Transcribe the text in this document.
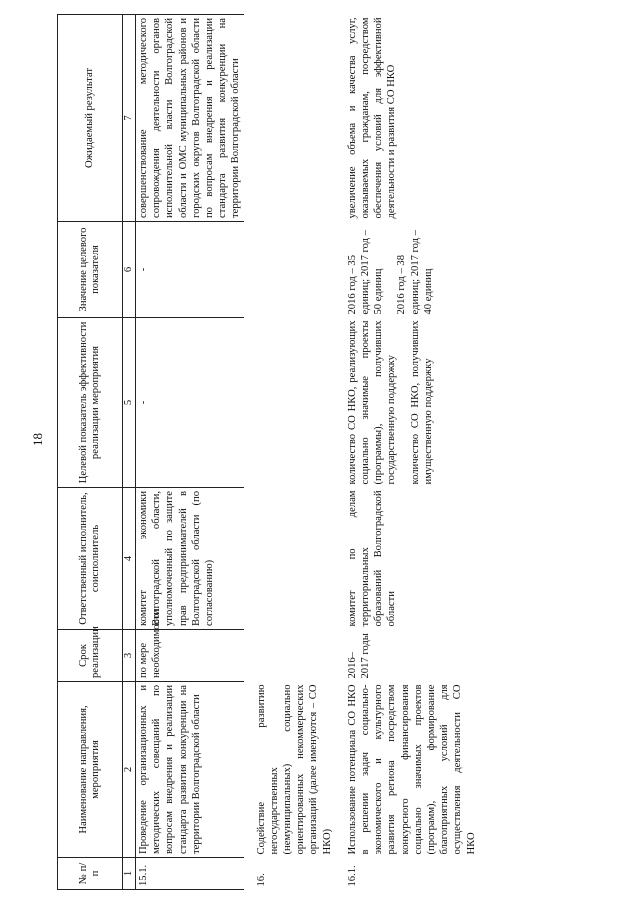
18
№ п/п	Наименование направления, мероприятия	Срок реализации	Ответственный исполнитель, соисполнитель	Целевой показатель эффективности реализации мероприятия	Значение целевого показателя	Ожидаемый результат
1	2	3	4	5	6	7
15.1.	Проведение организационных и методических совещаний по вопросам внедрения и реализации стандарта развития конкуренции на территории Волгоградской области	по мере необходимости	комитет экономики Волгоградской области, уполномоченный по защите прав предпринимателей в Волгоградской области (по согласованию)	-	-	совершенствование методического сопровождения деятельности органов исполнительной власти Волгоградской области и ОМС муниципальных районов и городских округов Волгоградской области по вопросам внедрения и реализации стандарта развития конкуренции на территории Волгоградской области

16.	Содействие развитию негосударственных (немуниципальных) социально ориентированных некоммерческих организаций (далее именуются – СО НКО)					

16.1.	Использование потенциала СО НКО в решении задач социально-экономического и культурного развития региона посредством конкурсного финансирования социально значимых проектов (программ), формирование благоприятных условий для осуществления деятельности СО НКО	2016–2017 годы	комитет по делам территориальных образований Волгоградской области	количество СО НКО, реализующих социально значимые проекты (программы), получивших государственную поддержку количество СО НКО, получивших имущественную поддержку	2016 год – 35 единиц; 2017 год – 50 единиц 2016 год – 38 единиц; 2017 год – 40 единиц	увеличение объема и качества услуг, оказываемых гражданам, посредством обеспечения условий для эффективной деятельности и развития СО НКО
